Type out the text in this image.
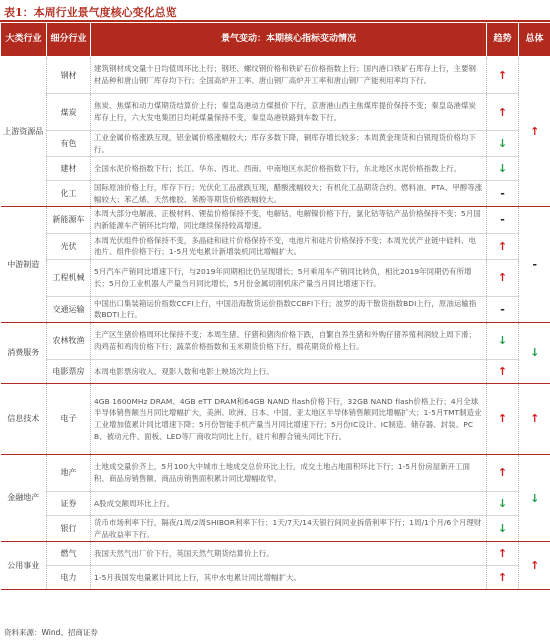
表1：本周行业景气度核心变化总览
大类行业	细分行业	景气变动：本期核心指标变动情况	趋势	总体
上游资源品	钢材	建筑钢材成交量十日均值周环比上行；钢坯、螺纹钢价格和铁矿石价格指数上行；国内港口铁矿石库存上行，主要钢材品种和唐山钢厂库存均下行；全国高炉开工率、唐山钢厂高炉开工率和唐山钢厂产能利用率均下行。	↑	↑
	煤炭	焦炭、焦煤和动力煤期货结算价上行；秦皇岛港动力煤报价下行，京唐港山西主焦煤库提价保持不变；秦皇岛港煤炭库存上行，六大发电集团日均耗煤量保持不变，秦皇岛港铁路到车数下行。	↑	
	有色	工业金属价格涨跌互现，铝金属价格涨幅较大；库存多数下降，铜库存增长较多；本周黄金现货和白银现货价格均下行。	↓	
	建材	全国水泥价格指数下行；长江、华东、西北、西南、中南地区水泥价格指数下行，东北地区水泥价格指数上行。	↓	
	化工	国际原油价格上行，库存下行；光伏化工品涨跌互现，醋酸涨幅较大；有机化工品期货合约、燃料油、PTA、甲醇等涨幅较大；苯乙烯、天然橡胶、苯酚等期货价格跌幅较大。	-	
中游制造	新能源车	本周大部分电解液、正极材料、锂盐价格保持不变，电解钴、电解镍价格下行，氯化钴等钴产品价格保持不变；5月国内新能源车产销环比均增，同比继续保持较高增速。	-	-
	光伏	本周光伏组件价格保持不变，多晶硅和硅片价格保持不变，电池片和硅片价格保持不变；本周光伏产业链中硅料、电池片、组件价格下行；1-5月光电累计新增装机同比增幅扩大。	↑	
	工程机械	5月汽车产销同比增速下行，与2019年同期相比仍呈现增长；5月乘用车产销同比转负，相比2019年同期仍有所增长；5月份工业机器人产量当月同比增长，5月份金属切削机床产量当月同比增速下行。	↑	
	交通运输	中国出口集装箱运价指数CCFI上行，中国沿海散货运价指数CCBFI下行；波罗的海干散货指数BDI上行，原油运输指数BDTI上行。	-	
消费服务	农林牧渔	主产区生猪价格周环比保持不变；本周生猪、仔猪和猪肉价格下跌，自繁自养生猪和外购仔猪养殖利润较上周下滑；肉鸡苗和鸡肉价格下行；蔬菜价格指数和玉米期货价格下行，棉花期货价格上行。	↓	↓
	电影票房	本周电影票房收入、观影人数和电影上映场次均上行。	↑	
信息技术	电子	4GB 1600MHz DRAM、4GB eTT DRAM和64GB NAND flash价格下行，32GB NAND flash价格上行；4月全球半导体销售额当月同比增幅扩大，美洲、欧洲、日本、中国、亚太地区半导体销售额同比增幅扩大；1-5月TMT制造业工业增加值累计同比增速下降；5月份智能手机产量当月同比增速下行；5月份IC设计、IC制造、储存器、封装、PCB、被动元件、面板、LED等厂商收均同比上行，硅片和醇合镜头同比下行。	↑	↑
金融地产	地产	土地成交量价齐上，5月100大中城市土地成交总价环比上行，成交土地占地面积环比下行；1-5月份房屋新开工面积、商品房销售额、商品房销售面积累计同比增幅收窄。	↑	↓
	证券	A股成交额周环比上行。	↓	
	银行	货币市场利率下行，隔夜/1周/2周SHIBOR利率下行；1天/7天/14天银行间同业拆借利率下行；1周/1个月/6个月理财产品收益率下行。	↓	
公用事业	燃气	我国天然气出厂价下行，英国天然气期货结算价上行。	↑	↑
	电力	1-5月我国发电量累计同比上行，其中水电累计同比增幅扩大。	↑	
资料来源：Wind、招商证券
